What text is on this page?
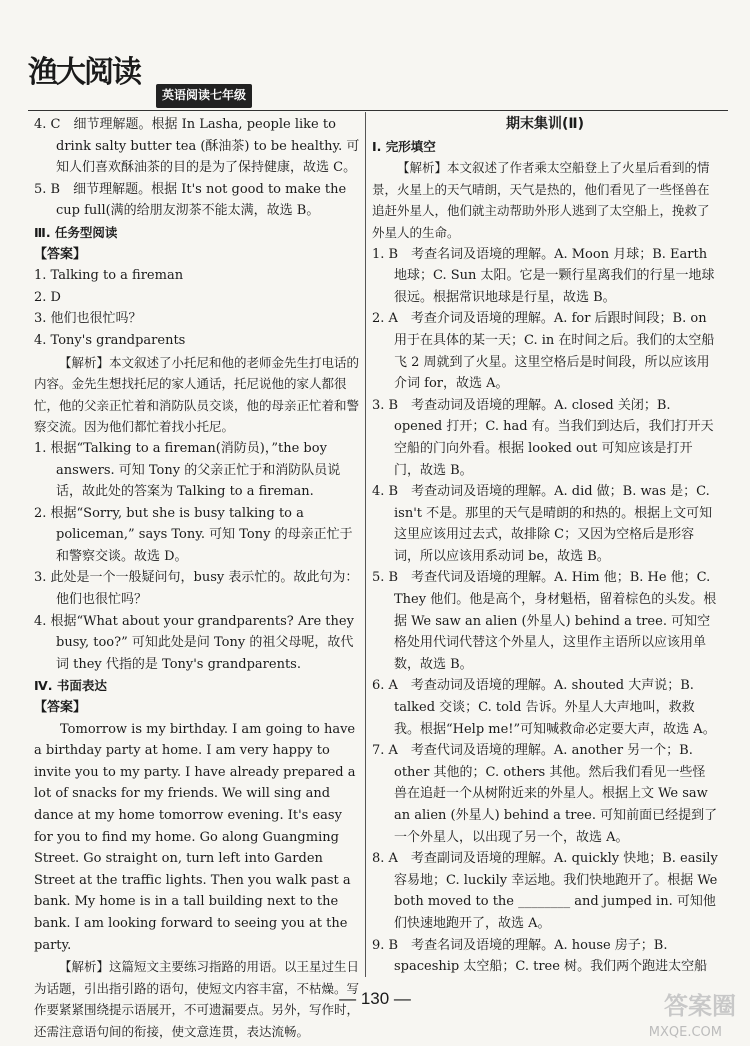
渔大阅读
英语阅读七年级

4. C　细节理解题。根据 In Lasha, people like to drink salty butter tea (酥油茶) to be healthy. 可知人们喜欢酥油茶的目的是为了保持健康，故选 C。

5. B　细节理解题。根据 It's not good to make the cup full(满的给朋友沏茶不能太满，故选 B。

Ⅲ. 任务型阅读

【答案】

1. Talking to a fireman

2. D

3. 他们也很忙吗？

4. Tony's grandparents

【解析】本文叙述了小托尼和他的老师金先生打电话的内容。金先生想找托尼的家人通话，托尼说他的家人都很忙，他的父亲正忙着和消防队员交谈，他的母亲正忙着和警察交流。因为他们都忙着找小托尼。

1. 根据“Talking to a fireman(消防员)，”the boy answers. 可知 Tony 的父亲正忙于和消防队员说话，故此处的答案为 Talking to a fireman.

2. 根据“Sorry, but she is busy talking to a policeman,” says Tony. 可知 Tony 的母亲正忙于和警察交谈。故选 D。

3. 此处是一个一般疑问句，busy 表示忙的。故此句为：他们也很忙吗？

4. 根据“What about your grandparents? Are they busy, too?” 可知此处是问 Tony 的祖父母呢，故代词 they 代指的是 Tony's grandparents.

Ⅳ. 书面表达

【答案】

Tomorrow is my birthday. I am going to have a birthday party at home. I am very happy to invite you to my party. I have already prepared a lot of snacks for my friends. We will sing and dance at my home tomorrow evening. It's easy for you to find my home. Go along Guangming Street. Go straight on, turn left into Garden Street at the traffic lights. Then you walk past a bank. My home is in a tall building next to the bank. I am looking forward to seeing you at the party.

【解析】这篇短文主要练习指路的用语。以王星过生日为话题，引出指引路的语句，使短文内容丰富，不枯燥。写作要紧紧围绕提示语展开，不可遗漏要点。另外，写作时，还需注意语句间的衔接，使文意连贯，表达流畅。

期末集训(Ⅱ)

Ⅰ. 完形填空

【解析】本文叙述了作者乘太空船登上了火星后看到的情景，火星上的天气晴朗，天气是热的，他们看见了一些怪兽在追赶外星人，他们就主动帮助外形人逃到了太空船上，挽救了外星人的生命。

1. B　考查名词及语境的理解。A. Moon 月球；B. Earth 地球；C. Sun 太阳。它是一颗行星离我们的行星一地球很远。根据常识地球是行星，故选 B。

2. A　考查介词及语境的理解。A. for 后跟时间段；B. on 用于在具体的某一天；C. in 在时间之后。我们的太空船飞 2 周就到了火星。这里空格后是时间段，所以应该用介词 for，故选 A。

3. B　考查动词及语境的理解。A. closed 关闭；B. opened 打开；C. had 有。当我们到达后，我们打开天空船的门向外看。根据 looked out 可知应该是打开门，故选 B。

4. B　考查动词及语境的理解。A. did 做；B. was 是；C. isn't 不是。那里的天气是晴朗的和热的。根据上文可知这里应该用过去式，故排除 C；又因为空格后是形容词，所以应该用系动词 be，故选 B。

5. B　考查代词及语境的理解。A. Him 他；B. He 他；C. They 他们。他是高个，身材魁梧，留着棕色的头发。根据 We saw an alien (外星人) behind a tree. 可知空格处用代词代替这个外星人，这里作主语所以应该用单数，故选 B。

6. A　考查动词及语境的理解。A. shouted 大声说；B. talked 交谈；C. told 告诉。外星人大声地叫，救救我。根据“Help me!”可知喊救命必定要大声，故选 A。

7. A　考查代词及语境的理解。A. another 另一个；B. other 其他的；C. others 其他。然后我们看见一些怪兽在追赶一个从树附近来的外星人。根据上文 We saw an alien (外星人) behind a tree. 可知前面已经提到了一个外星人，以出现了另一个，故选 A。

8. A　考查副词及语境的理解。A. quickly 快地；B. easily 容易地；C. luckily 幸运地。我们快地跑开了。根据 We both moved to the ________ and jumped in. 可知他们快速地跑开了，故选 A。

9. B　考查名词及语境的理解。A. house 房子；B. spaceship 太空船；C. tree 树。我们两个跑进太空船

— 130 —	答案圈
MXQE.COM
